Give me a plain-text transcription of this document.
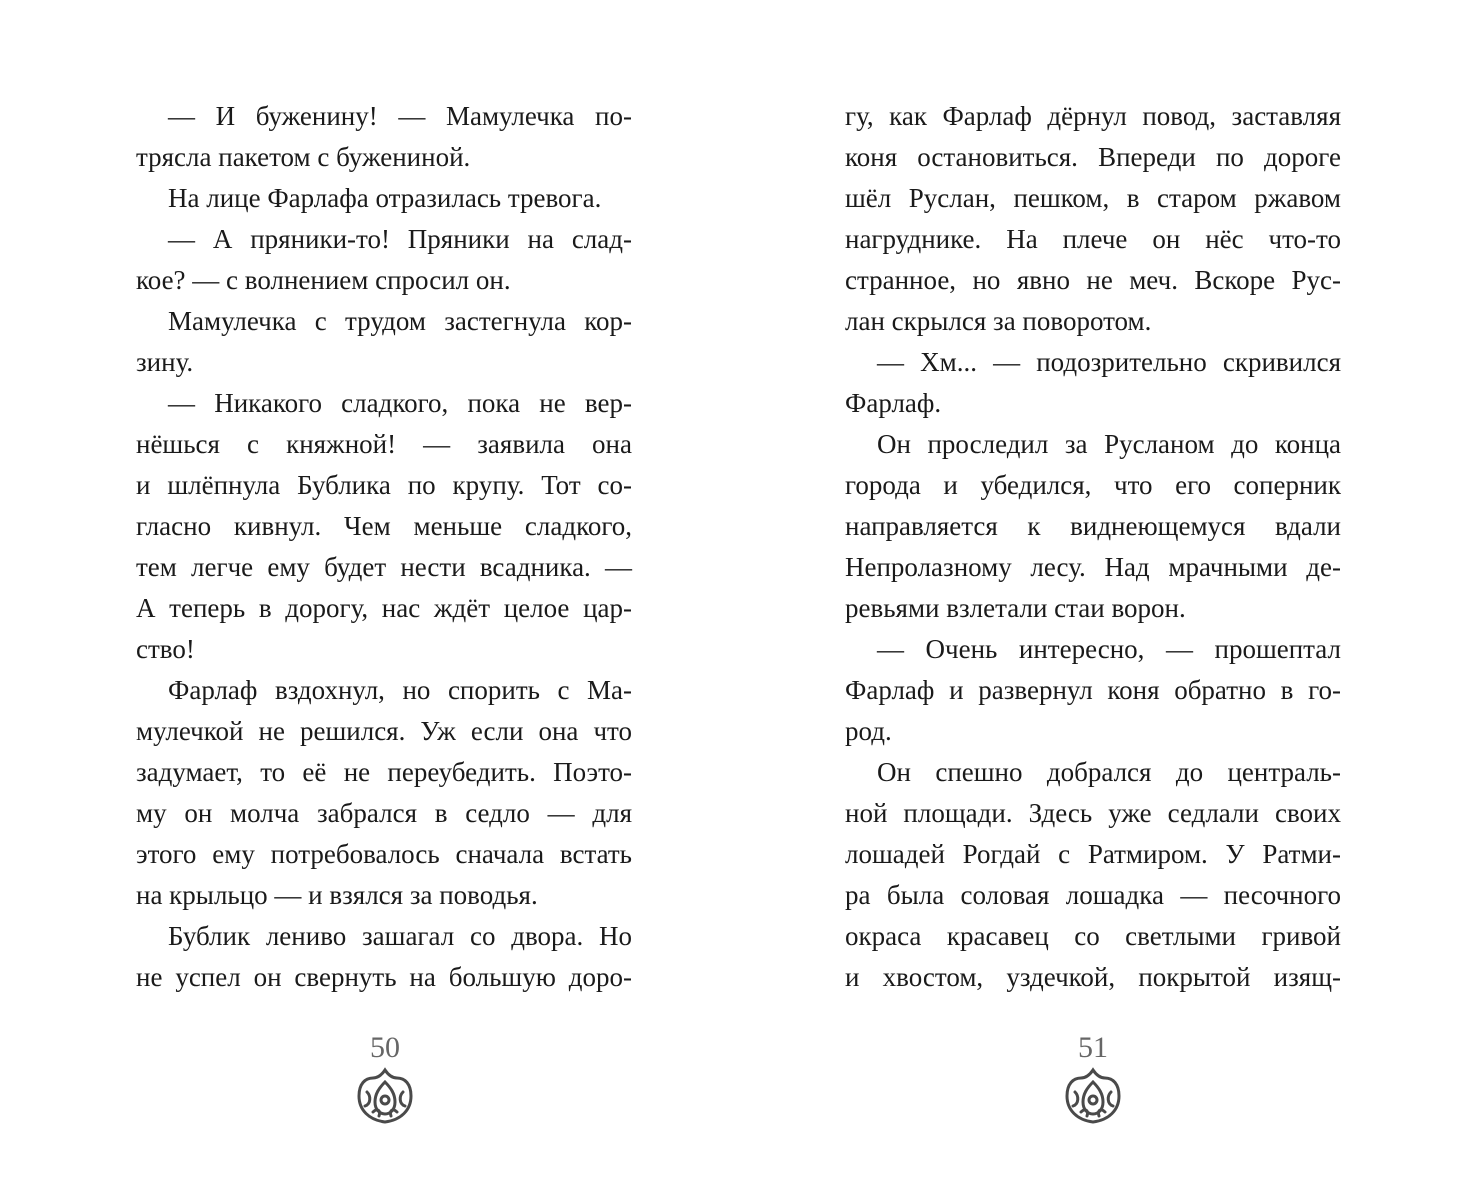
— И буженину! — Мамулечка по-
трясла пакетом с бужениной.
На лице Фарлафа отразилась тревога.
— А пряники-то! Пряники на слад-
кое? — с волнением спросил он.
Мамулечка с трудом застегнула кор-
зину.
— Никакого сладкого, пока не вер-
нёшься с княжной! — заявила она
и шлёпнула Бублика по крупу. Тот со-
гласно кивнул. Чем меньше сладкого,
тем легче ему будет нести всадника. —
А теперь в дорогу, нас ждёт целое цар-
ство!
Фарлаф вздохнул, но спорить с Ма-
мулечкой не решился. Уж если она что
задумает, то её не переубедить. Поэто-
му он молча забрался в седло — для
этого ему потребовалось сначала встать
на крыльцо — и взялся за поводья.
Бублик лениво зашагал со двора. Но
не успел он свернуть на большую доро-
гу, как Фарлаф дёрнул повод, заставляя
коня остановиться. Впереди по дороге
шёл Руслан, пешком, в старом ржавом
нагруднике. На плече он нёс что-то
странное, но явно не меч. Вскоре Рус-
лан скрылся за поворотом.
— Хм... — подозрительно скривился
Фарлаф.
Он проследил за Русланом до конца
города и убедился, что его соперник
направляется к виднеющемуся вдали
Непролазному лесу. Над мрачными де-
ревьями взлетали стаи ворон.
— Очень интересно, — прошептал
Фарлаф и развернул коня обратно в го-
род.
Он спешно добрался до централь-
ной площади. Здесь уже седлали своих
лошадей Рогдай с Ратмиром. У Ратми-
ра была соловая лошадка — песочного
окраса красавец со светлыми гривой
и хвостом, уздечкой, покрытой изящ-
50	51
